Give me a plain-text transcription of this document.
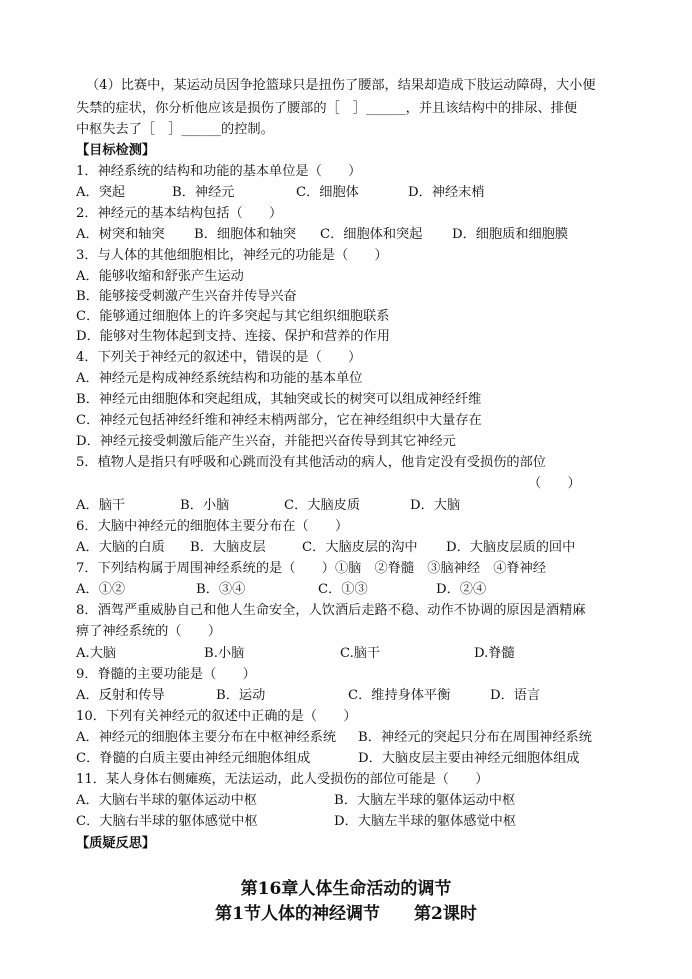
（4）比赛中，某运动员因争抢篮球只是扭伤了腰部，结果却造成下肢运动障碍，大小便
失禁的症状，你分析他应该是损伤了腰部的［　］______，并且该结构中的排尿、排便
中枢失去了［　］______的控制。
【目标检测】
1．神经系统的结构和功能的基本单位是（　　）
A．突起	B．神经元	C．细胞体	D．神经末梢
2．神经元的基本结构包括（　　）
A．树突和轴突 B．细胞体和轴突 C．细胞体和突起 D．细胞质和细胞膜
3．与人体的其他细胞相比，神经元的功能是（　　）
A．能够收缩和舒张产生运动
B．能够接受刺激产生兴奋并传导兴奋
C．能够通过细胞体上的许多突起与其它组织细胞联系
D．能够对生物体起到支持、连接、保护和营养的作用
4．下列关于神经元的叙述中，错误的是（　　）
A．神经元是构成神经系统结构和功能的基本单位
B．神经元由细胞体和突起组成，其轴突或长的树突可以组成神经纤维
C．神经元包括神经纤维和神经末梢两部分，它在神经组织中大量存在
D．神经元接受刺激后能产生兴奋，并能把兴奋传导到其它神经元
5．植物人是指只有呼吸和心跳而没有其他活动的病人，他肯定没有受损伤的部位
（　　）
A．脑干	B．小脑	C．大脑皮质	D．大脑
6．大脑中神经元的细胞体主要分布在（　　）
A．大脑的白质 B．大脑皮层	C．大脑皮层的沟中 D．大脑皮层质的回中
7．下列结构属于周围神经系统的是（　　）①脑　②脊髓　③脑神经　④脊神经
A．①②	B．③④	C．①③	D．②④
8．酒驾严重威胁自己和他人生命安全，人饮酒后走路不稳、动作不协调的原因是酒精麻
痹了神经系统的（　　）
A.大脑	B.小脑	C.脑干	D.脊髓
9．脊髓的主要功能是（　　）
A．反射和传导	B．运动	C．维持身体平衡	D．语言
10．下列有关神经元的叙述中正确的是（　　）
A．神经元的细胞体主要分布在中枢神经系统 B．神经元的突起只分布在周围神经系统
C．脊髓的白质主要由神经元细胞体组成	D．大脑皮层主要由神经元细胞体组成
11．某人身体右侧瘫痪，无法运动，此人受损伤的部位可能是（　　）
A．大脑右半球的躯体运动中枢	B．大脑左半球的躯体运动中枢
C．大脑右半球的躯体感觉中枢	D．大脑左半球的躯体感觉中枢
【质疑反思】
第16章人体生命活动的调节
第1节人体的神经调节　　第2课时
